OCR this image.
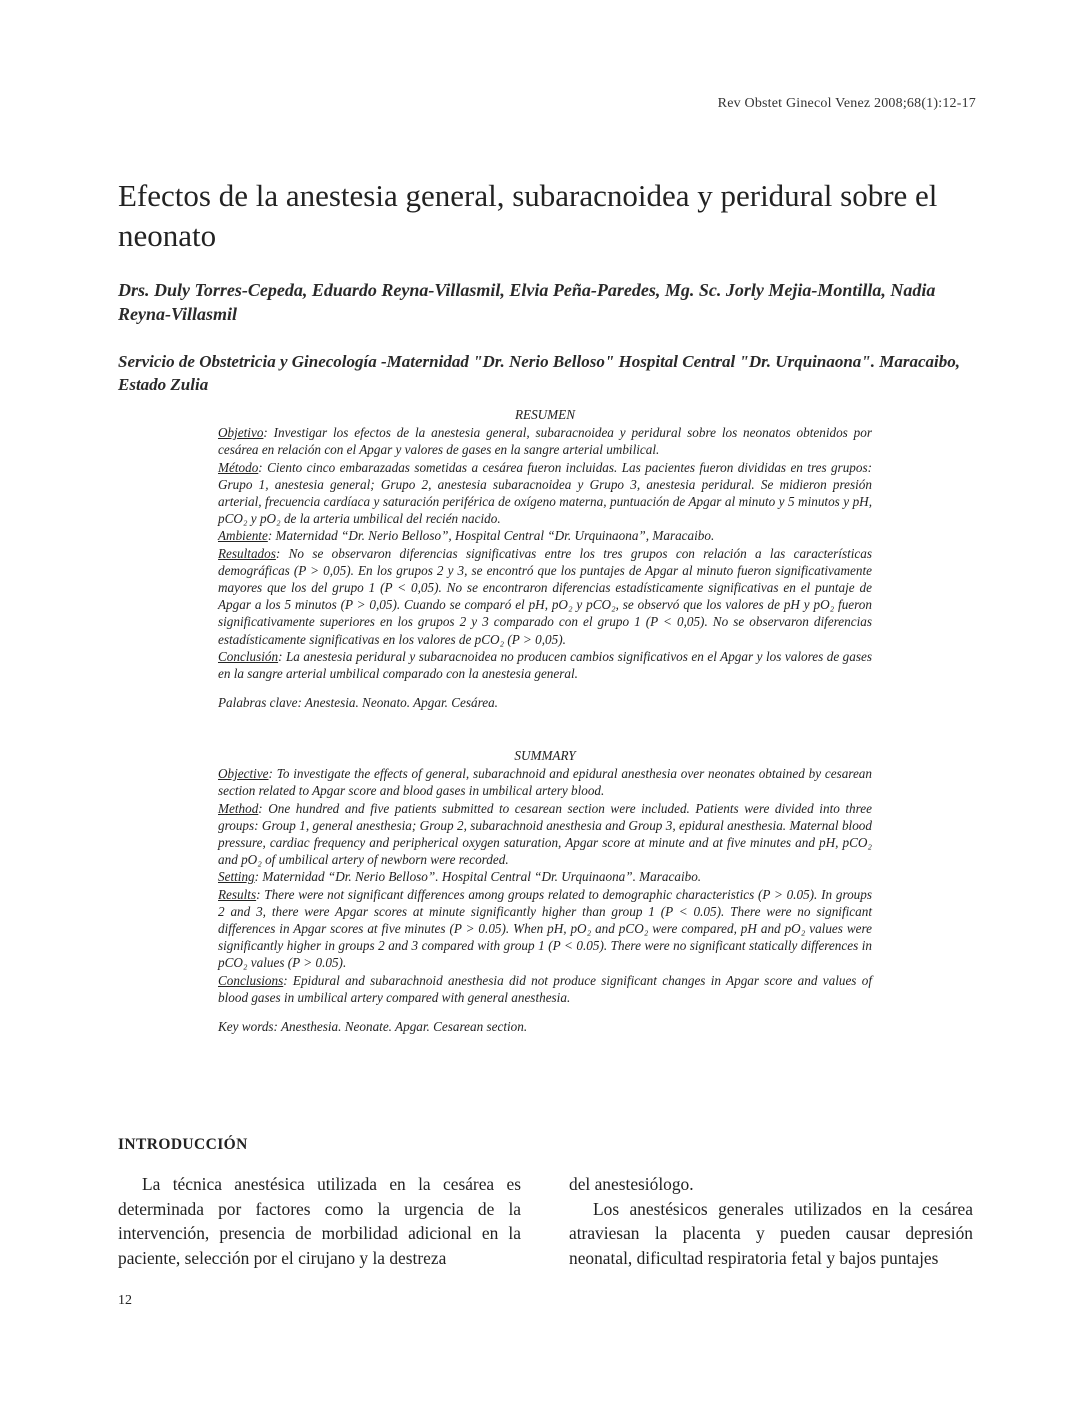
Rev Obstet Ginecol Venez 2008;68(1):12-17
Efectos de la anestesia general, subaracnoidea y peridural sobre el neonato
Drs. Duly Torres-Cepeda, Eduardo Reyna-Villasmil, Elvia Peña-Paredes, Mg. Sc. Jorly Mejia-Montilla, Nadia Reyna-Villasmil
Servicio de Obstetricia y Ginecología -Maternidad "Dr. Nerio Belloso" Hospital Central "Dr. Urquinaona". Maracaibo, Estado Zulia

RESUMEN

Objetivo: Investigar los efectos de la anestesia general, subaracnoidea y peridural sobre los neonatos obtenidos por cesárea en relación con el Apgar y valores de gases en la sangre arterial umbilical.

Método: Ciento cinco embarazadas sometidas a cesárea fueron incluidas. Las pacientes fueron divididas en tres grupos: Grupo 1, anestesia general; Grupo 2, anestesia subaracnoidea y Grupo 3, anestesia peridural. Se midieron presión arterial, frecuencia cardíaca y saturación periférica de oxígeno materna, puntuación de Apgar al minuto y 5 minutos y pH, pCO₂ y pO₂ de la arteria umbilical del recién nacido.

Ambiente: Maternidad “Dr. Nerio Belloso”, Hospital Central “Dr. Urquinaona”, Maracaibo.

Resultados: No se observaron diferencias significativas entre los tres grupos con relación a las características demográficas (P > 0,05). En los grupos 2 y 3, se encontró que los puntajes de Apgar al minuto fueron significativamente mayores que los del grupo 1 (P < 0,05). No se encontraron diferencias estadísticamente significativas en el puntaje de Apgar a los 5 minutos (P > 0,05). Cuando se comparó el pH, pO₂ y pCO₂, se observó que los valores de pH y pO₂ fueron significativamente superiores en los grupos 2 y 3 comparado con el grupo 1 (P < 0,05). No se observaron diferencias estadísticamente significativas en los valores de pCO₂ (P > 0,05).

Conclusión: La anestesia peridural y subaracnoidea no producen cambios significativos en el Apgar y los valores de gases en la sangre arterial umbilical comparado con la anestesia general.

Palabras clave: Anestesia. Neonato. Apgar. Cesárea.

SUMMARY

Objective: To investigate the effects of general, subarachnoid and epidural anesthesia over neonates obtained by cesarean section related to Apgar score and blood gases in umbilical artery blood.

Method: One hundred and five patients submitted to cesarean section were included. Patients were divided into three groups: Group 1, general anesthesia; Group 2, subarachnoid anesthesia and Group 3, epidural anesthesia. Maternal blood pressure, cardiac frequency and peripherical oxygen saturation, Apgar score at minute and at five minutes and pH, pCO₂ and pO₂ of umbilical artery of newborn were recorded.

Setting: Maternidad “Dr. Nerio Belloso”. Hospital Central “Dr. Urquinaona”. Maracaibo.

Results: There were not significant differences among groups related to demographic characteristics (P > 0.05). In groups 2 and 3, there were Apgar scores at minute significantly higher than group 1 (P < 0.05). There were no significant differences in Apgar scores at five minutes (P > 0.05). When pH, pO₂ and pCO₂ were compared, pH and pO₂ values were significantly higher in groups 2 and 3 compared with group 1 (P < 0.05). There were no significant statically differences in pCO₂ values (P > 0.05).

Conclusions: Epidural and subarachnoid anesthesia did not produce significant changes in Apgar score and values of blood gases in umbilical artery compared with general anesthesia.

Key words: Anesthesia. Neonate. Apgar. Cesarean section.

INTRODUCCIÓN

La técnica anestésica utilizada en la cesárea es determinada por factores como la urgencia de la intervención, presencia de morbilidad adicional en la paciente, selección por el cirujano y la destreza

del anestesiólogo.

Los anestésicos generales utilizados en la cesárea atraviesan la placenta y pueden causar depresión neonatal, dificultad respiratoria fetal y bajos puntajes

12
